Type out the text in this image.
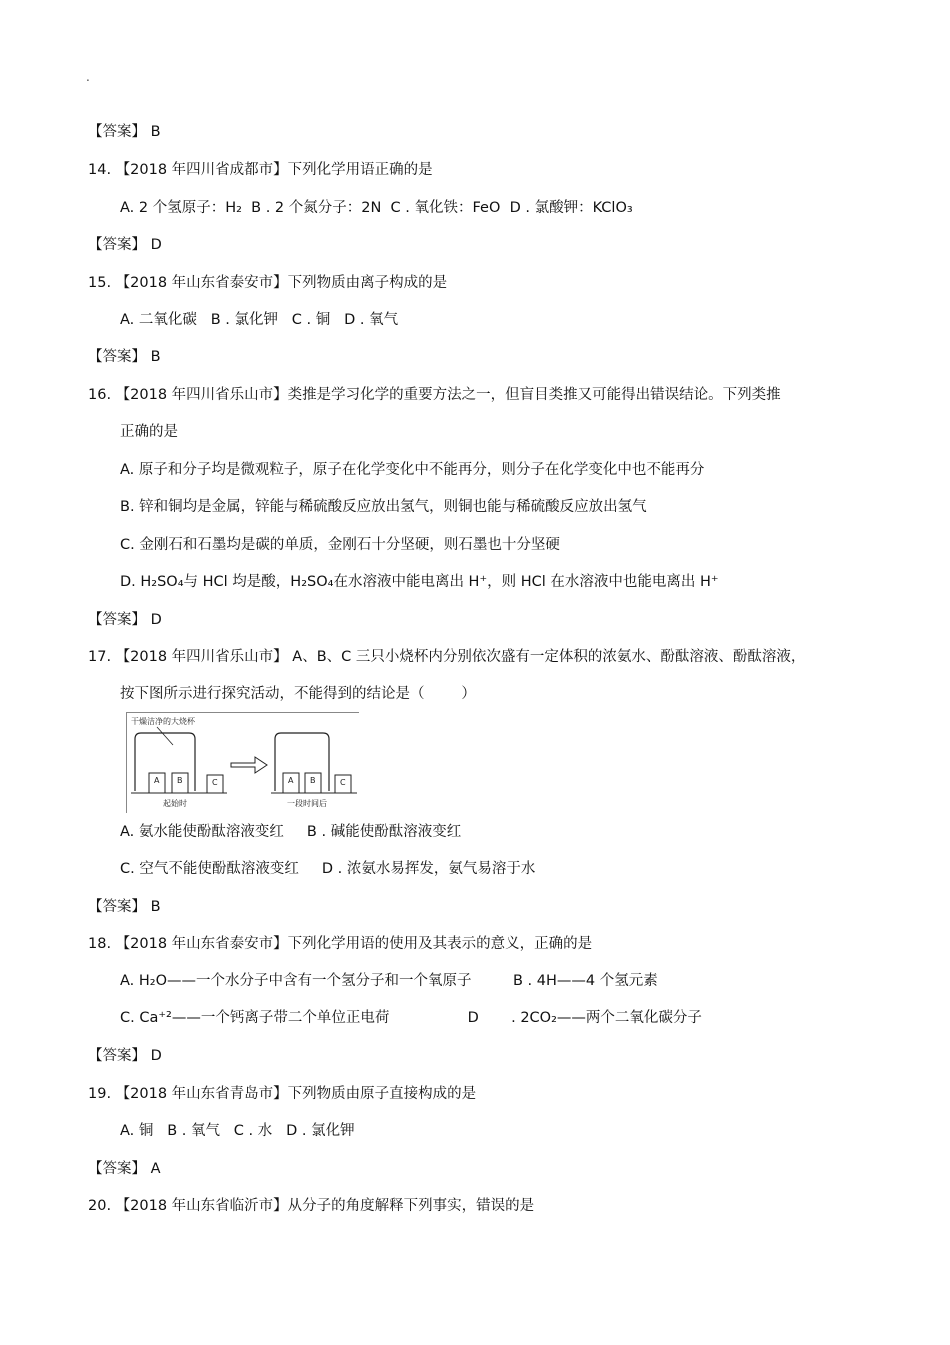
.
【答案】 B
14. 【2018 年四川省成都市】下列化学用语正确的是
A. 2 个氢原子：H₂  B . 2 个氮分子：2N  C . 氧化铁：FeO  D . 氯酸钾：KClO₃
【答案】 D
15. 【2018 年山东省泰安市】下列物质由离子构成的是
A. 二氧化碳   B . 氯化钾   C . 铜   D . 氧气
【答案】 B
16. 【2018 年四川省乐山市】类推是学习化学的重要方法之一，但盲目类推又可能得出错误结论。下列类推
正确的是
A. 原子和分子均是微观粒子，原子在化学变化中不能再分，则分子在化学变化中也不能再分
B. 锌和铜均是金属，锌能与稀硫酸反应放出氢气，则铜也能与稀硫酸反应放出氢气
C. 金刚石和石墨均是碳的单质，金刚石十分坚硬，则石墨也十分坚硬
D. H₂SO₄与 HCl 均是酸，H₂SO₄在水溶液中能电离出 H⁺，则 HCl 在水溶液中也能电离出 H⁺
【答案】 D
17. 【2018 年四川省乐山市】 A、B、C 三只小烧杯内分别依次盛有一定体积的浓氨水、酚酞溶液、酚酞溶液，
按下图所示进行探究活动，不能得到的结论是（        ）
干燥洁净的大烧杯
A B	C
起始时
A B	C
一段时间后
A. 氨水能使酚酞溶液变红     B . 碱能使酚酞溶液变红
C. 空气不能使酚酞溶液变红     D . 浓氨水易挥发，氨气易溶于水
【答案】 B
18. 【2018 年山东省泰安市】下列化学用语的使用及其表示的意义，正确的是
A. H₂O——一个水分子中含有一个氢分子和一个氧原子         B . 4H——4 个氢元素
C. Ca⁺²——一个钙离子带二个单位正电荷                 D       . 2CO₂——两个二氧化碳分子
【答案】 D
19. 【2018 年山东省青岛市】下列物质由原子直接构成的是
A. 铜   B . 氧气   C . 水   D . 氯化钾
【答案】 A
20. 【2018 年山东省临沂市】从分子的角度解释下列事实，错误的是
